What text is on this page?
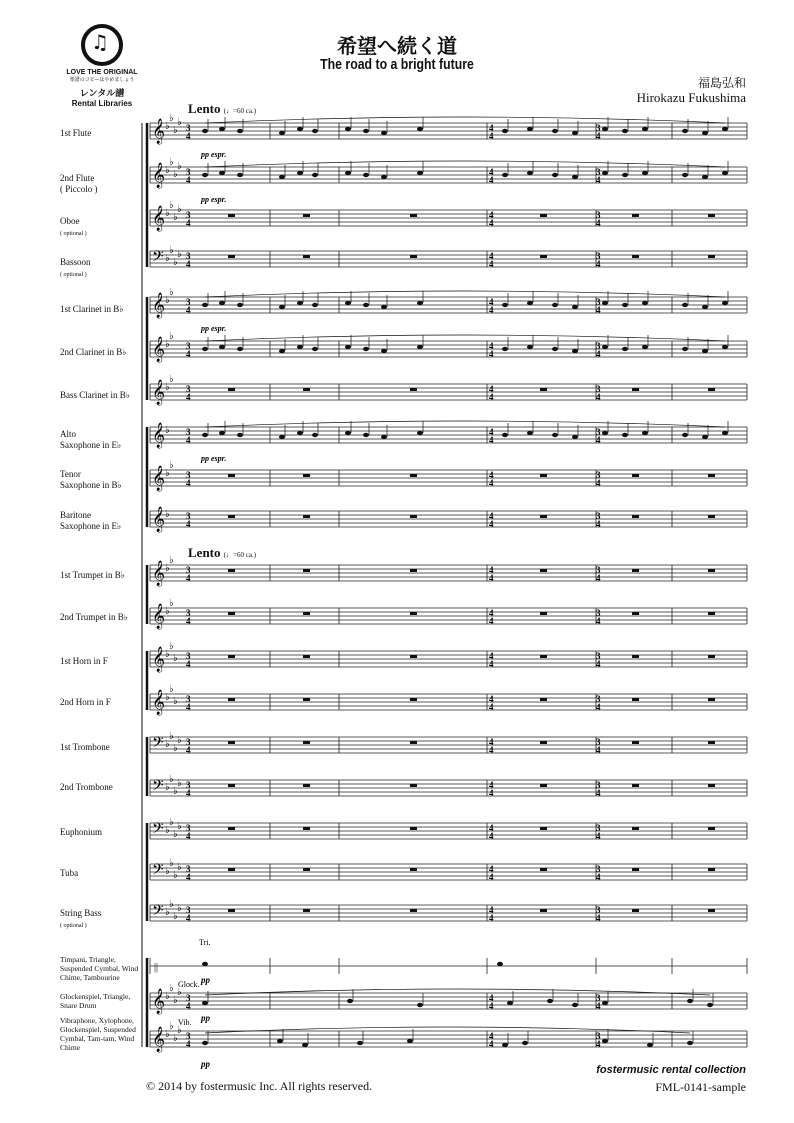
♫
LOVE THE ORIGINAL
楽譜のコピーはやめましょう
レンタル譜
Rental Libraries
希望へ続く道
The road to a bright future
福島弘和
Hirokazu Fukushima
Lento (♩=60 ca.)
Lento (♩=60 ca.)
1st Flute
2nd Flute
( Piccolo )
Oboe
( optional )
Bassoon
( optional )
1st Clarinet in B♭
2nd Clarinet in B♭
Bass Clarinet in B♭
Alto
Saxophone in E♭
Tenor
Saxophone in B♭
Baritone
Saxophone in E♭
1st Trumpet in B♭
2nd Trumpet in B♭
1st Horn in F
2nd Horn in F
1st Trombone
2nd Trombone
Euphonium
Tuba
String Bass
( optional )
Timpani, Triangle, Suspended Cymbal, Wind Chime, Tambourine
Glockenspiel, Triangle, Snare Drum
Vibraphone, Xylophone, Glockenspiel, Suspended Cymbal, Tam-tam, Wind Chime
𝄞 ♭
♭
♭
♭ 3
4
4
4
3
4
𝄞 ♭
♭
♭
♭ 3
4
4
4
3
4
𝄞 ♭
♭
♭
♭ 3
4
4
4
3
4
𝄢 ♭
♭
♭
♭ 3
4
4
4
3
4
𝄞 ♭
♭
3
4
4
4
3
4
𝄞 ♭
♭
3
4
4
4
3
4
𝄞 ♭
♭
3
4
4
4
3
4
𝄞 ♭ 3
4
4
4
3
4
𝄞 ♭
♭
3
4
4
4
3
4
𝄞 ♭ 3
4
4
4
3
4
𝄞 ♭
♭
3
4
4
4
3
4
𝄞 ♭
♭
3
4
4
4
3
4
𝄞 ♭
♭
♭ 3
4
4
4
3
4
𝄞 ♭
♭
♭ 3
4
4
4
3
4
𝄢 ♭
♭
♭
♭ 3
4
4
4
3
4
𝄢 ♭
♭
♭
♭ 3
4
4
4
3
4
𝄢 ♭
♭
♭
♭ 3
4
4
4
3
4
𝄢 ♭
♭
♭
♭ 3
4
4
4
3
4
𝄢 ♭
♭
♭
♭ 3
4
4
4
3
4
||
𝄞 ♭
♭
♭
♭ 3
4
4
4
3
4
𝄞 ♭
♭
♭
♭ 3
4
4
4
3
4
pp espr.
pp espr.
pp espr.
pp espr.
pp
pp
pp
Tri.
Glock.
Vib.
© 2014 by fostermusic Inc. All rights reserved.
fostermusic rental collection
FML-0141-sample
